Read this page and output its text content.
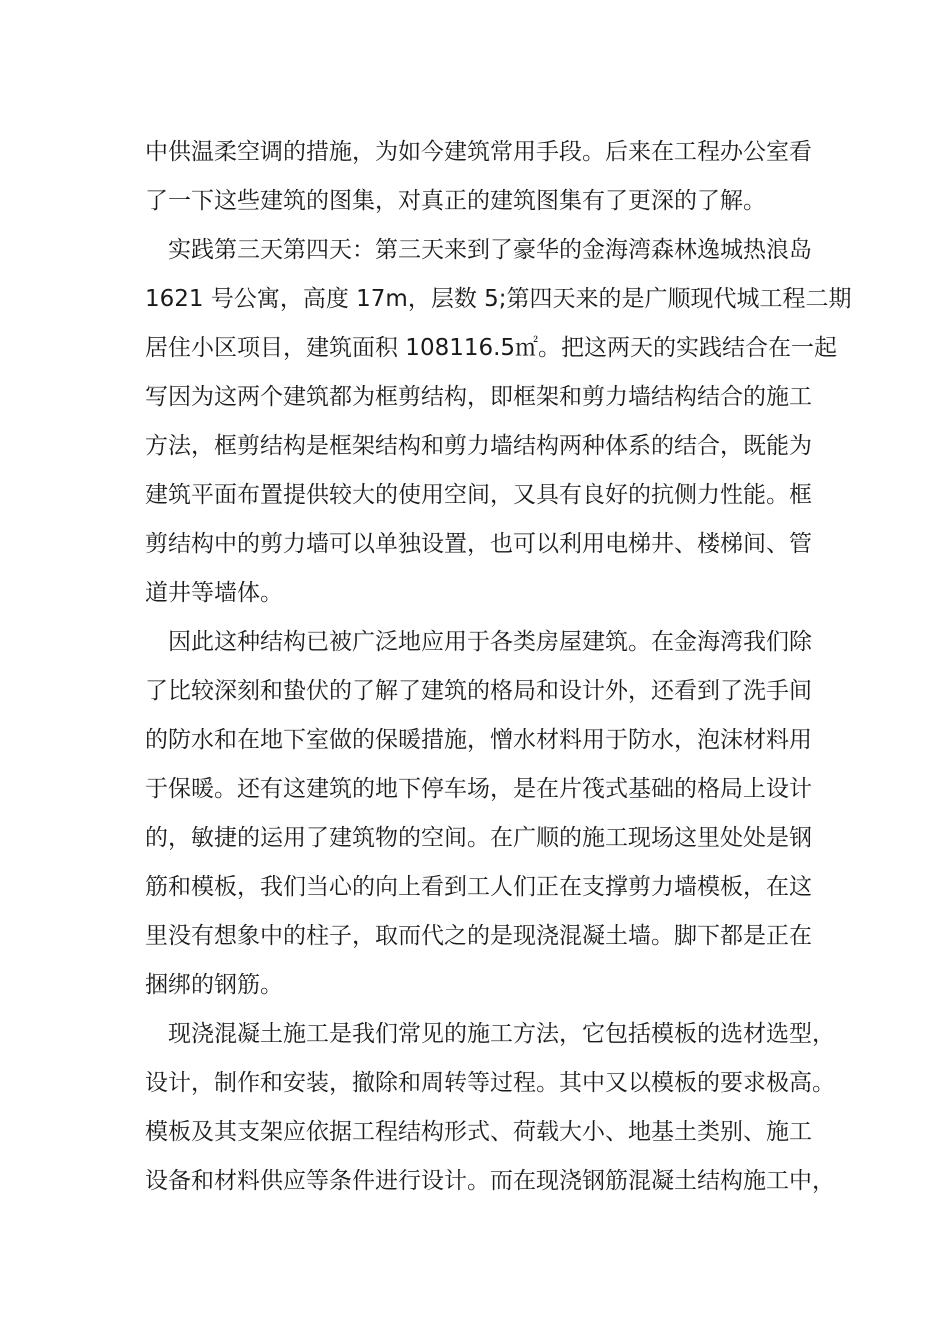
中供温柔空调的措施，为如今建筑常用手段。后来在工程办公室看
了一下这些建筑的图集，对真正的建筑图集有了更深的了解。
实践第三天第四天：第三天来到了豪华的金海湾森林逸城热浪岛
1621 号公寓，高度 17m，层数 5;第四天来的是广顺现代城工程二期
居住小区项目，建筑面积 108116.5㎡。把这两天的实践结合在一起
写因为这两个建筑都为框剪结构，即框架和剪力墙结构结合的施工
方法，框剪结构是框架结构和剪力墙结构两种体系的结合，既能为
建筑平面布置提供较大的使用空间，又具有良好的抗侧力性能。框
剪结构中的剪力墙可以单独设置，也可以利用电梯井、楼梯间、管
道井等墙体。
因此这种结构已被广泛地应用于各类房屋建筑。在金海湾我们除
了比较深刻和蛰伏的了解了建筑的格局和设计外，还看到了洗手间
的防水和在地下室做的保暖措施，憎水材料用于防水，泡沫材料用
于保暖。还有这建筑的地下停车场，是在片筏式基础的格局上设计
的，敏捷的运用了建筑物的空间。在广顺的施工现场这里处处是钢
筋和模板，我们当心的向上看到工人们正在支撑剪力墙模板，在这
里没有想象中的柱子，取而代之的是现浇混凝土墙。脚下都是正在
捆绑的钢筋。
现浇混凝土施工是我们常见的施工方法，它包括模板的选材选型，
设计，制作和安装，撤除和周转等过程。其中又以模板的要求极高。
模板及其支架应依据工程结构形式、荷载大小、地基土类别、施工
设备和材料供应等条件进行设计。而在现浇钢筋混凝土结构施工中，
